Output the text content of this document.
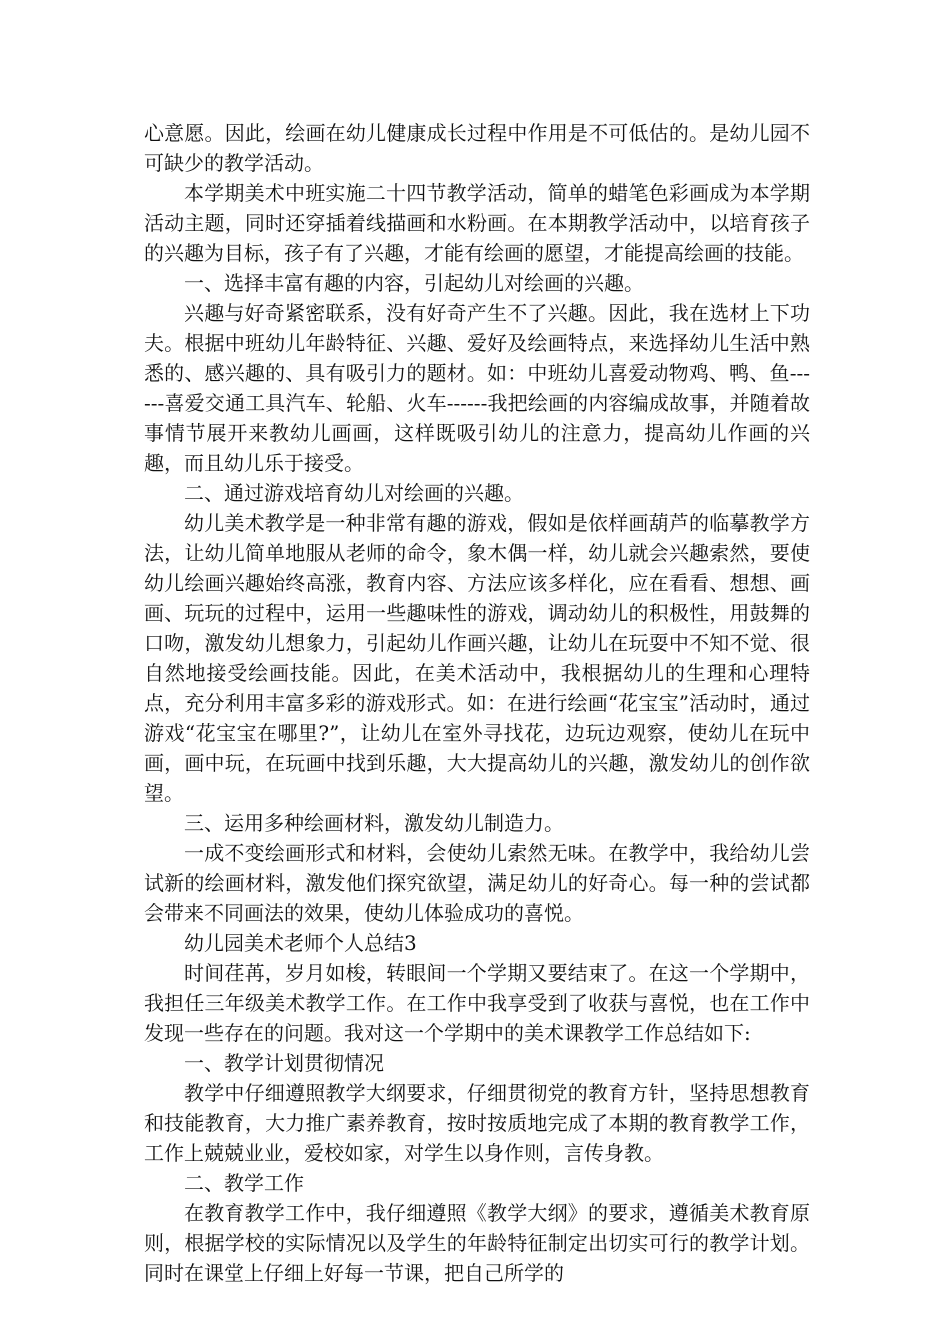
心意愿。因此，绘画在幼儿健康成长过程中作用是不可低估的。是幼儿园不可缺少的教学活动。

本学期美术中班实施二十四节教学活动，简单的蜡笔色彩画成为本学期活动主题，同时还穿插着线描画和水粉画。在本期教学活动中，以培育孩子的兴趣为目标，孩子有了兴趣，才能有绘画的愿望，才能提高绘画的技能。

一、选择丰富有趣的内容，引起幼儿对绘画的兴趣。

兴趣与好奇紧密联系，没有好奇产生不了兴趣。因此，我在选材上下功夫。根据中班幼儿年龄特征、兴趣、爱好及绘画特点，来选择幼儿生活中熟悉的、感兴趣的、具有吸引力的题材。如：中班幼儿喜爱动物鸡、鸭、鱼------喜爱交通工具汽车、轮船、火车------我把绘画的内容编成故事，并随着故事情节展开来教幼儿画画，这样既吸引幼儿的注意力，提高幼儿作画的兴趣，而且幼儿乐于接受。

二、通过游戏培育幼儿对绘画的兴趣。

幼儿美术教学是一种非常有趣的游戏，假如是依样画葫芦的临摹教学方法，让幼儿简单地服从老师的命令，象木偶一样，幼儿就会兴趣索然，要使幼儿绘画兴趣始终高涨，教育内容、方法应该多样化，应在看看、想想、画画、玩玩的过程中，运用一些趣味性的游戏，调动幼儿的积极性，用鼓舞的口吻，激发幼儿想象力，引起幼儿作画兴趣，让幼儿在玩耍中不知不觉、很自然地接受绘画技能。因此，在美术活动中，我根据幼儿的生理和心理特点，充分利用丰富多彩的游戏形式。如：在进行绘画“花宝宝”活动时，通过游戏“花宝宝在哪里?”，让幼儿在室外寻找花，边玩边观察，使幼儿在玩中画，画中玩，在玩画中找到乐趣，大大提高幼儿的兴趣，激发幼儿的创作欲望。

三、运用多种绘画材料，激发幼儿制造力。

一成不变绘画形式和材料，会使幼儿索然无味。在教学中，我给幼儿尝试新的绘画材料，激发他们探究欲望，满足幼儿的好奇心。每一种的尝试都会带来不同画法的效果，使幼儿体验成功的喜悦。

幼儿园美术老师个人总结3

时间荏苒，岁月如梭，转眼间一个学期又要结束了。在这一个学期中，我担任三年级美术教学工作。在工作中我享受到了收获与喜悦，也在工作中发现一些存在的问题。我对这一个学期中的美术课教学工作总结如下:

一、教学计划贯彻情况

教学中仔细遵照教学大纲要求，仔细贯彻党的教育方针，坚持思想教育和技能教育，大力推广素养教育，按时按质地完成了本期的教育教学工作，工作上兢兢业业，爱校如家，对学生以身作则，言传身教。

二、教学工作

在教育教学工作中，我仔细遵照《教学大纲》的要求，遵循美术教育原则，根据学校的实际情况以及学生的年龄特征制定出切实可行的教学计划。同时在课堂上仔细上好每一节课，把自己所学的
